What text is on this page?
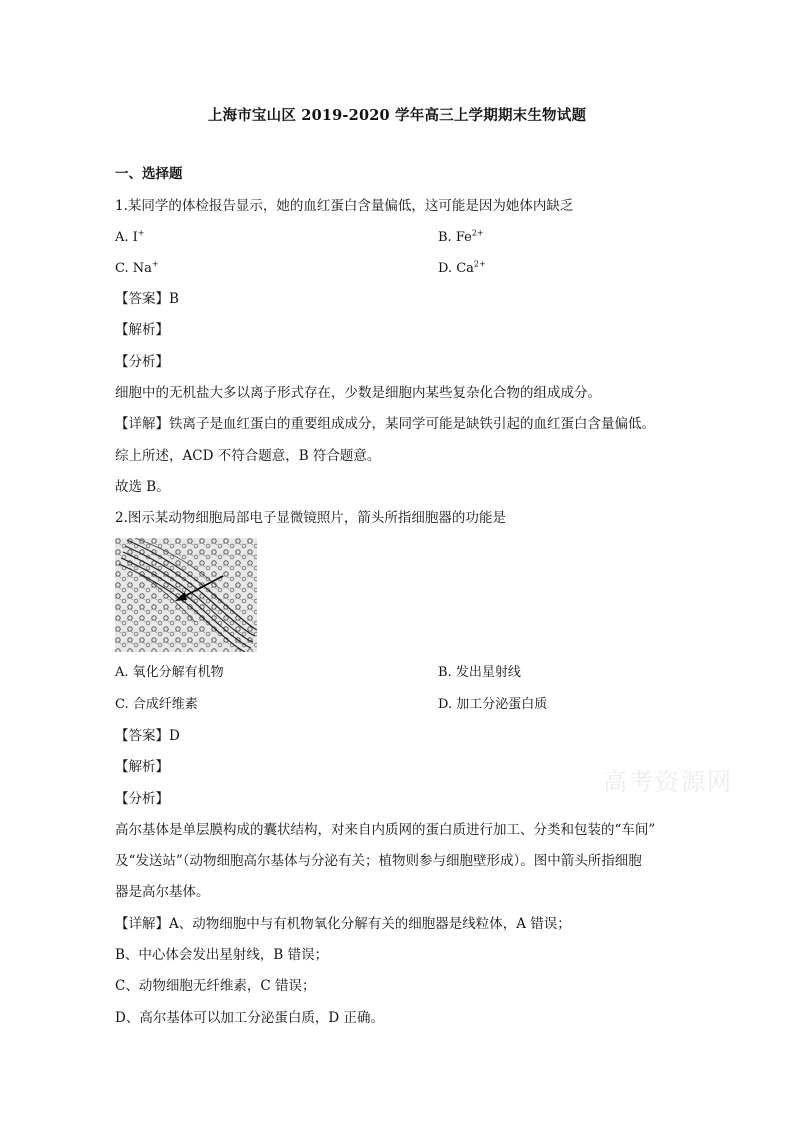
上海市宝山区 2019-2020 学年高三上学期期末生物试题
一、选择题
1.某同学的体检报告显示，她的血红蛋白含量偏低，这可能是因为她体内缺乏
A. I+	B. $Fe^{2+}$
C. Na+	D. $Ca^{2+}$
【答案】B
【解析】
【分析】
细胞中的无机盐大多以离子形式存在，少数是细胞内某些复杂化合物的组成成分。
【详解】铁离子是血红蛋白的重要组成成分，某同学可能是缺铁引起的血红蛋白含量偏低。
综上所述，ACD 不符合题意，B 符合题意。
故选 B。
2.图示某动物细胞局部电子显微镜照片，箭头所指细胞器的功能是
A. 氧化分解有机物	B. 发出星射线
C. 合成纤维素	D. 加工分泌蛋白质
【答案】D
【解析】
【分析】
高尔基体是单层膜构成的囊状结构，对来自内质网的蛋白质进行加工、分类和包装的“车间”
及“发送站”（动物细胞高尔基体与分泌有关；植物则参与细胞壁形成）。图中箭头所指细胞
器是高尔基体。
【详解】A、动物细胞中与有机物氧化分解有关的细胞器是线粒体，A 错误；
B、中心体会发出星射线，B 错误；
C、动物细胞无纤维素，C 错误；
D、高尔基体可以加工分泌蛋白质，D 正确。
高考资源网
